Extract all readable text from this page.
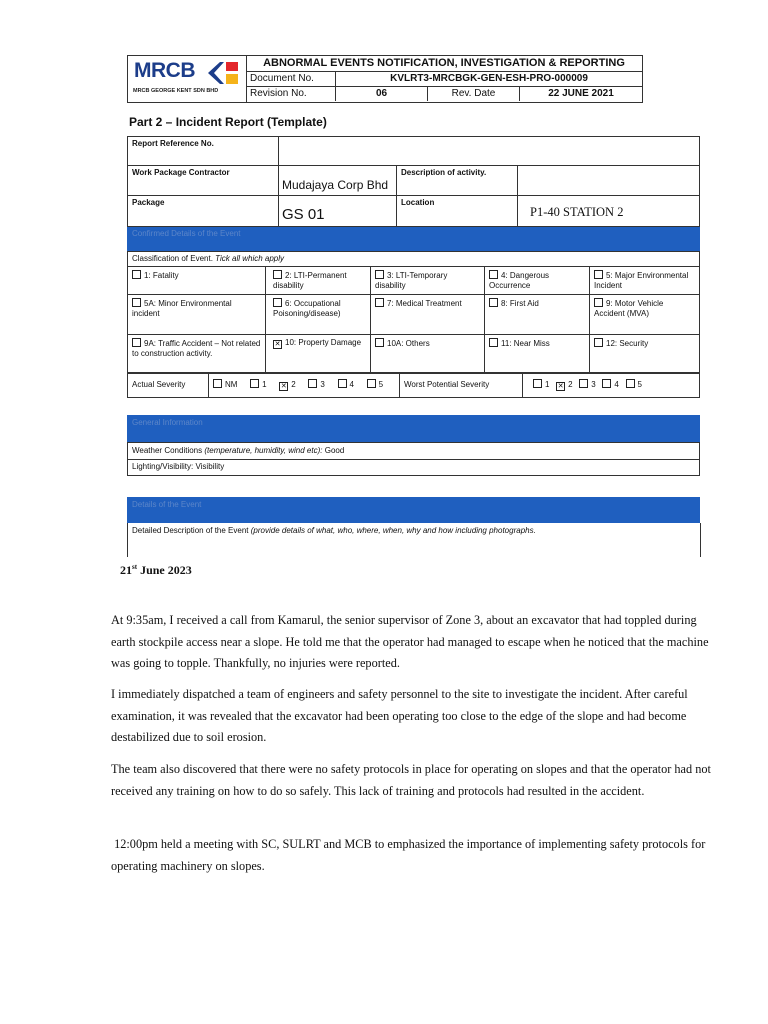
MRCB
MRCB GEORGE KENT SDN BHD
ABNORMAL EVENTS NOTIFICATION, INVESTIGATION & REPORTING
Document No.	KVLRT3-MRCBGK-GEN-ESH-PRO-000009
Revision No.	06	Rev. Date	22 JUNE 2021
Part 2 – Incident Report (Template)
Report Reference No.			

Work Package Contractor	Mudajaya Corp Bhd	Description of activity.	

Package	GS 01	Location	P1-40 STATION 2
Confirmed Details of the Event
Classification of Event. Tick all which apply				

1: Fatality	2: LTI-Permanent disability	3: LTI-Temporary disability	4: Dangerous Occurrence	5: Major Environmental Incident

5A: Minor Environmental incident	6: Occupational Poisoning/disease)	7: Medical Treatment	8: First Aid	9: Motor Vehicle Accident (MVA)

9A: Traffic Accident – Not related to construction activity.	✕ 10: Property Damage	10A: Others	11: Near Miss	12: Security
Actual Severity	NM	1 ✕ 2	3	4	5	Worst Potential Severity	1 ✕ 2 3 4 5
General Information
Weather Conditions (temperature, humidity, wind etc): Good

Lighting/Visibility: Visibility
Details of the Event
Detailed Description of the Event (provide details of what, who, where, when, why and how including photographs.
21st June 2023
At 9:35am, I received a call from Kamarul, the senior supervisor of Zone 3, about an excavator that had toppled during earth stockpile access near a slope. He told me that the operator had managed to escape when he noticed that the machine was going to topple. Thankfully, no injuries were reported.
I immediately dispatched a team of engineers and safety personnel to the site to investigate the incident. After careful examination, it was revealed that the excavator had been operating too close to the edge of the slope and had become destabilized due to soil erosion.
The team also discovered that there were no safety protocols in place for operating on slopes and that the operator had not received any training on how to do so safely. This lack of training and protocols had resulted in the accident.
12:00pm held a meeting with SC, SULRT and MCB to emphasized the importance of implementing safety protocols for operating machinery on slopes.
